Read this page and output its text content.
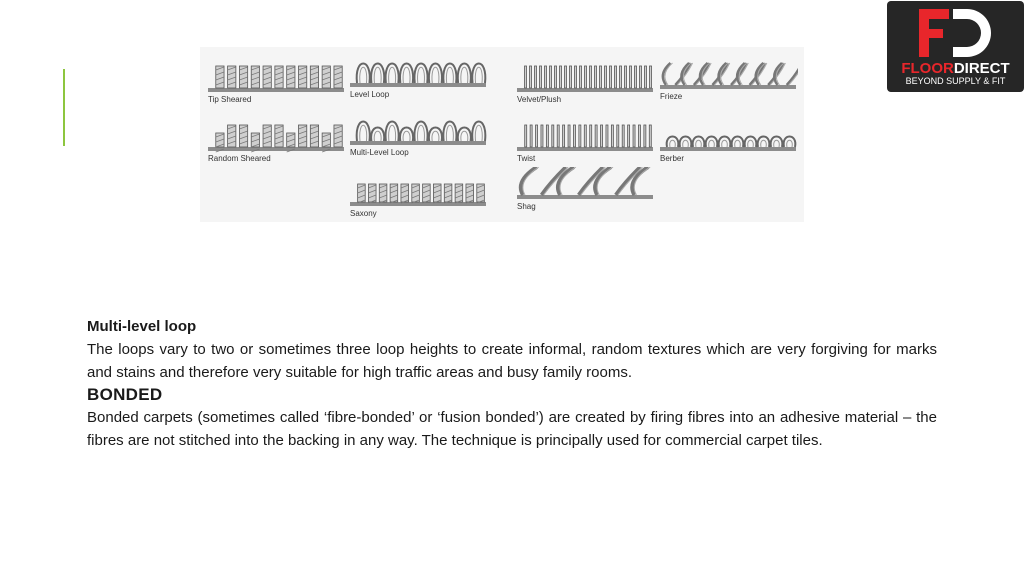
Tip Sheared
Level Loop
Velvet/Plush	Frieze
Random Sheared
Multi-Level Loop
Twist	Berber
Saxony
Shag
FLOORDIRECT
BEYOND SUPPLY & FIT

Multi-level loop

The loops vary to two or sometimes three loop heights to create informal, random textures which are very forgiving for marks and stains and therefore very suitable for high traffic areas and busy family rooms.

BONDED

Bonded carpets (sometimes called ‘fibre-bonded’ or ‘fusion bonded’) are created by firing fibres into an adhesive material – the fibres are not stitched into the backing in any way. The technique is principally used for commercial carpet tiles.
